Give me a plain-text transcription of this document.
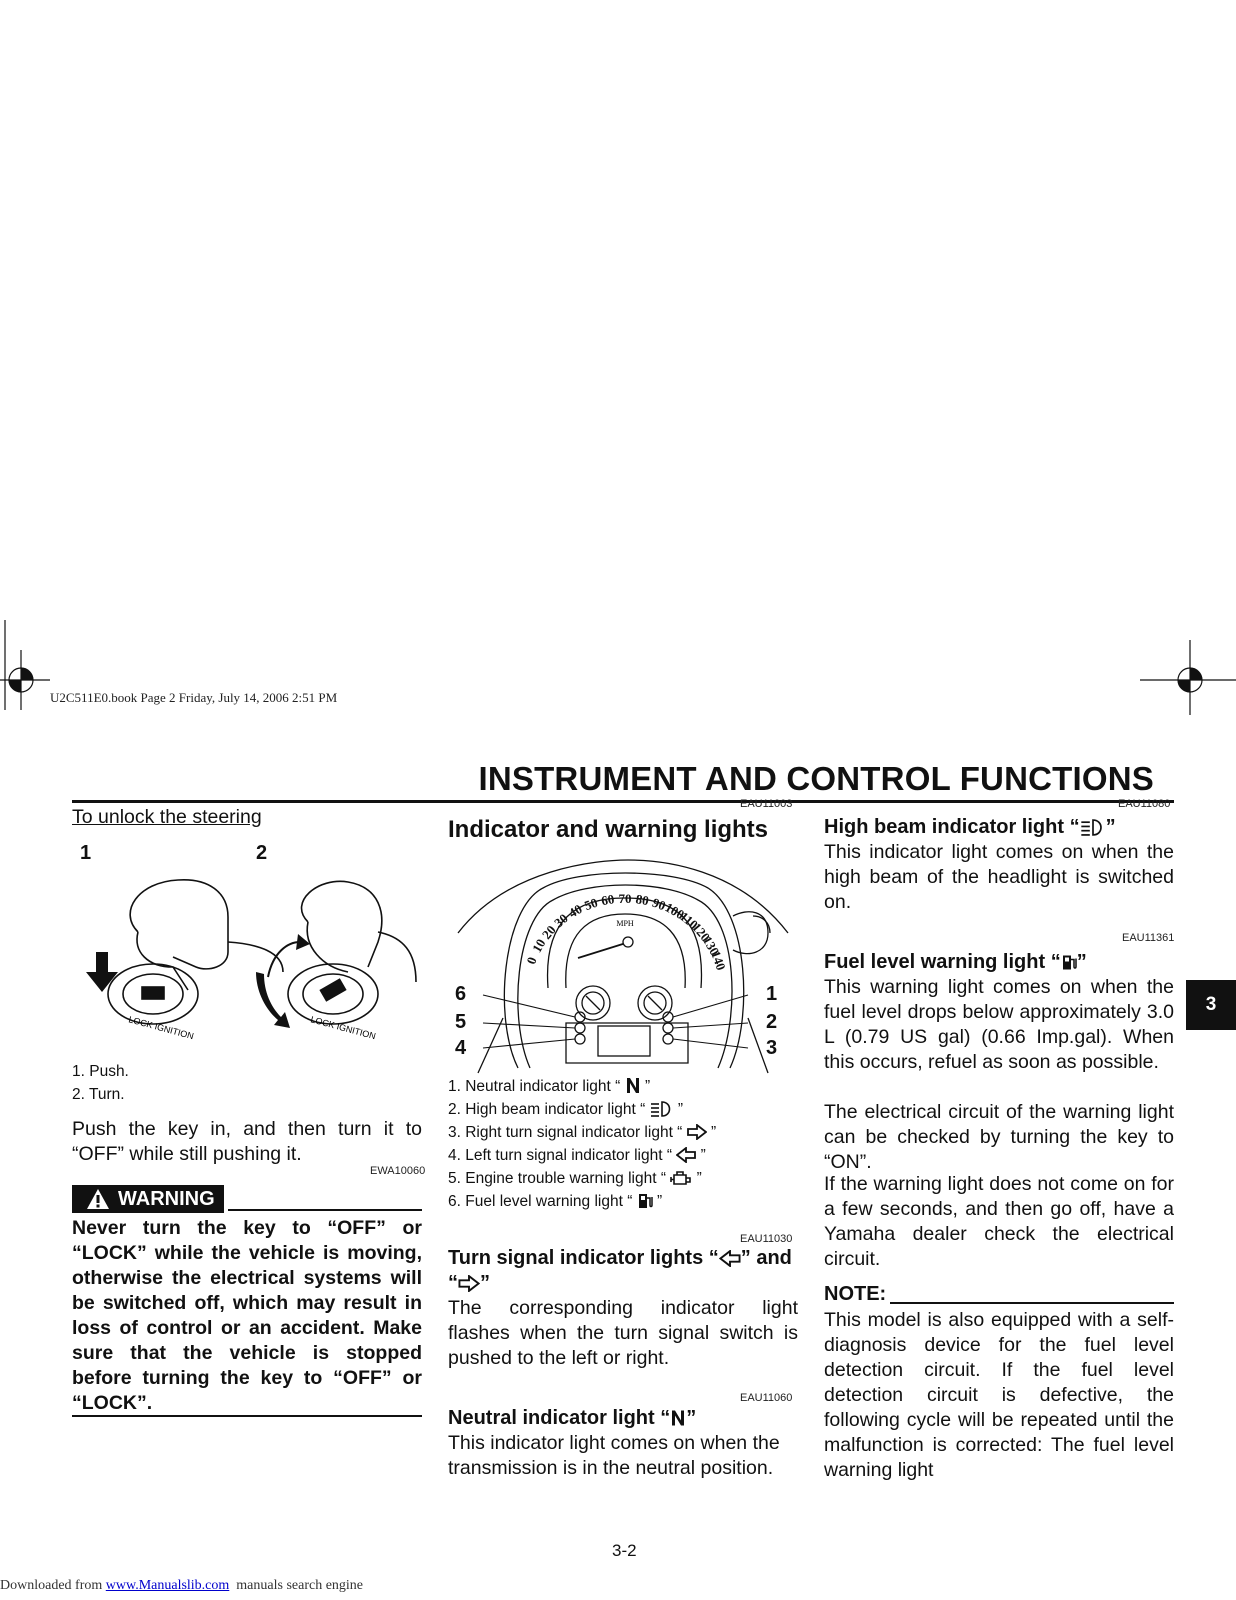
U2C511E0.book Page 2 Friday, July 14, 2006 2:51 PM
INSTRUMENT AND CONTROL FUNCTIONS
3
To unlock the steering
1	2
LOCK IGNITION	LOCK IGNITION
1. Push.
2. Turn.
Push the key in, and then turn it to “OFF” while still pushing it.
EWA10060
WARNING
Never turn the key to “OFF” or “LOCK” while the vehicle is moving, otherwise the electrical systems will be switched off, which may result in loss of control or an accident. Make sure that the vehicle is stopped before turning the key to “OFF” or “LOCK”.
EAU11003
Indicator and warning lights
MPH
0
10
20
30
40
50 60 70 80 90
100
110
120
130
140
6
5
4
1
2
3
1. Neutral indicator light “ ”
2. High beam indicator light “ ”
3. Right turn signal indicator light “ ”
4. Left turn signal indicator light “ ”
5. Engine trouble warning light “ ”
6. Fuel level warning light “ ”
EAU11030
Turn signal indicator lights “ ” and
“ ”
The corresponding indicator light flashes when the turn signal switch is pushed to the left or right.
EAU11060
Neutral indicator light “ ”
This indicator light comes on when the transmission is in the neutral position.
3-2
EAU11080
High beam indicator light “ ”
This indicator light comes on when the high beam of the headlight is switched on.
EAU11361
Fuel level warning light “ ”
This warning light comes on when the fuel level drops below approximately 3.0 L (0.79 US gal) (0.66 Imp.gal). When this occurs, refuel as soon as possible.
The electrical circuit of the warning light can be checked by turning the key to “ON”.
If the warning light does not come on for a few seconds, and then go off, have a Yamaha dealer check the electrical circuit.
NOTE:
This model is also equipped with a self-diagnosis device for the fuel level detection circuit. If the fuel level detection circuit is defective, the following cycle will be repeated until the malfunction is corrected: The fuel level warning light
Downloaded from www.Manualslib.com  manuals search engine
